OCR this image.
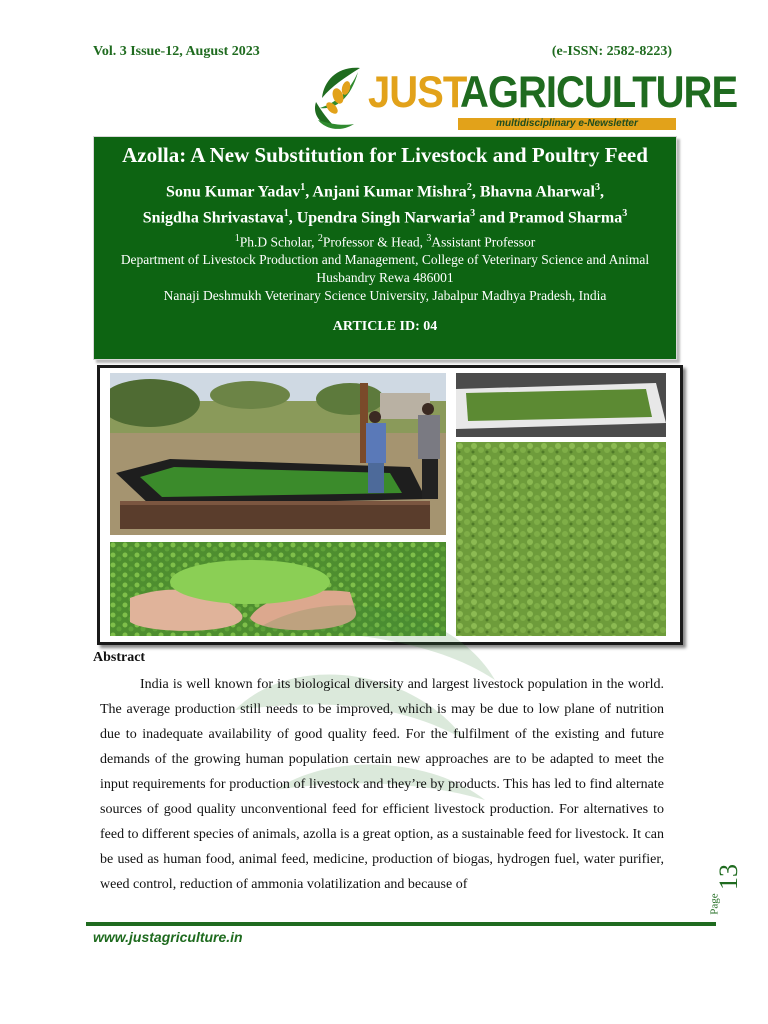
Vol. 3 Issue-12, August 2023	(e-ISSN: 2582-8223)
JUST
AGRICULTURE
multidisciplinary e-Newsletter
Azolla: A New Substitution for Livestock and Poultry Feed
Sonu Kumar Yadav$^1$, Anjani Kumar Mishra$^2$, Bhavna Aharwal$^3$,
Snigdha Shrivastava$^1$, Upendra Singh Narwaria$^3$ and Pramod Sharma$^3$
$^1$Ph.D Scholar, $^2$Professor & Head, $^3$Assistant Professor
Department of Livestock Production and Management, College of Veterinary Science and Animal Husbandry Rewa 486001
Nanaji Deshmukh Veterinary Science University, Jabalpur Madhya Pradesh, India
ARTICLE ID: 04
Abstract

India is well known for its biological diversity and largest livestock population in the world. The average production still needs to be improved, which is may be due to low plane of nutrition due to inadequate availability of good quality feed. For the fulfilment of the existing and future demands of the growing human population certain new approaches are to be adapted to meet the input requirements for production of livestock and they’re by products. This has led to find alternate sources of good quality unconventional feed for efficient livestock production. For alternatives to feed to different species of animals, azolla is a great option, as a sustainable feed for livestock. It can be used as human food, animal feed, medicine, production of biogas, hydrogen fuel, water purifier, weed control, reduction of ammonia volatilization and because of	13
Page
www.justagriculture.in
